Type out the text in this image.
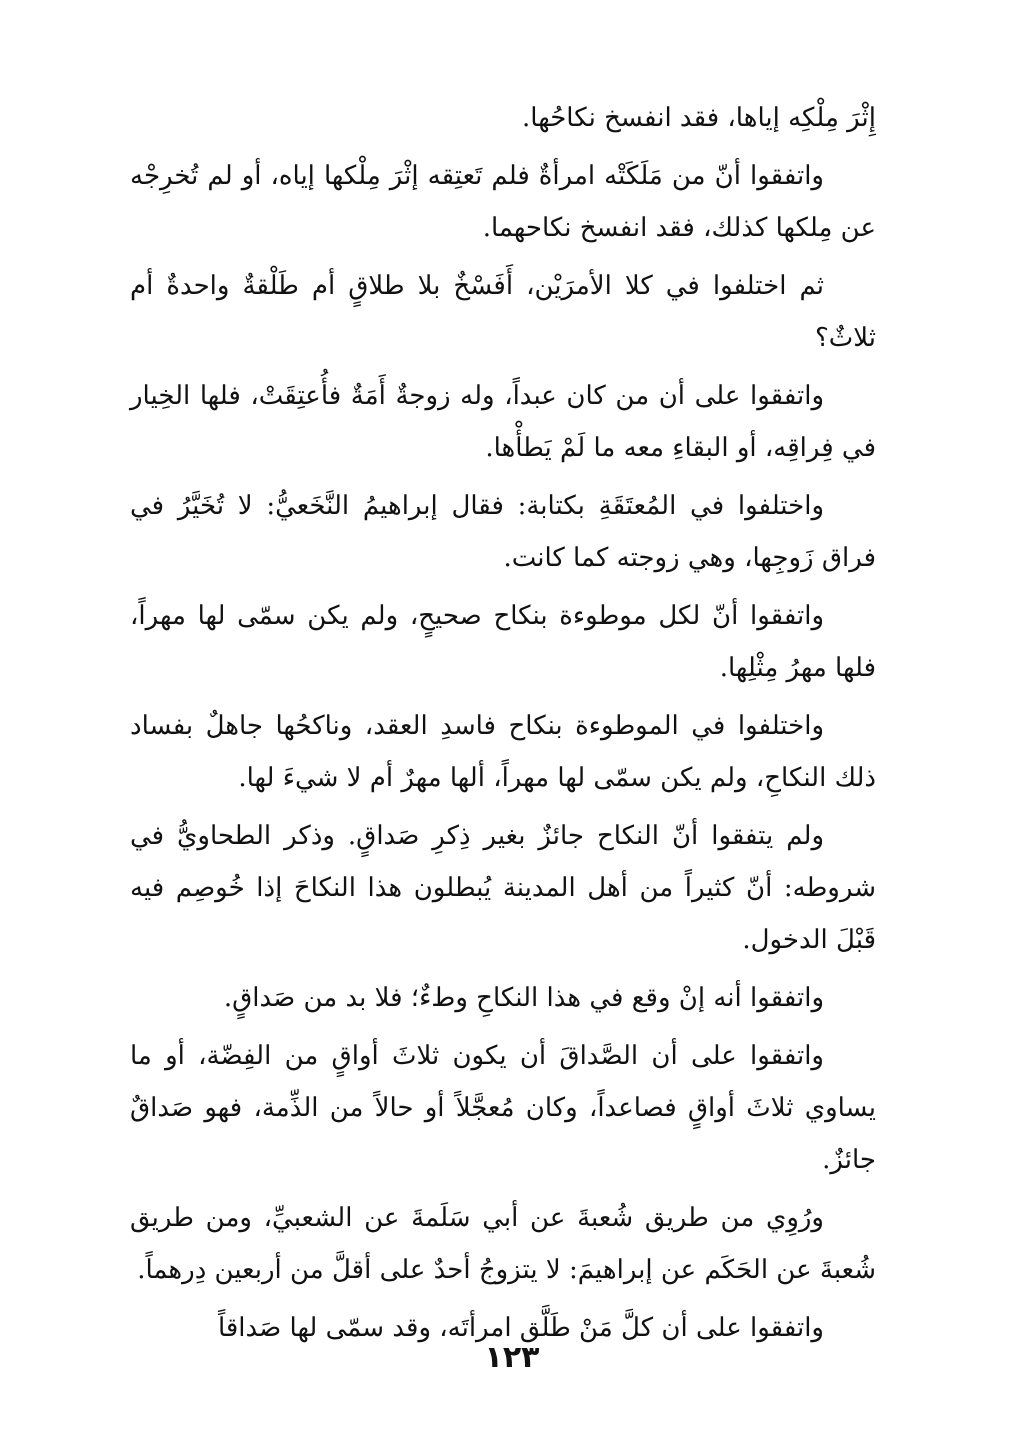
إِثْرَ مِلْكِه إياها، فقد انفسخ نكاحُها.

واتفقوا أنّ من مَلَكَتْه امرأةٌ فلم تَعتِقه إثْرَ مِلْكها إياه، أو لم تُخرِجْه عن مِلكها كذلك، فقد انفسخ نكاحهما.

ثم اختلفوا في كلا الأمرَيْن، أَفَسْخٌ بلا طلاقٍ أم طَلْقةٌ واحدةٌ أم ثلاثٌ؟

واتفقوا على أن من كان عبداً، وله زوجةٌ أَمَةٌ فأُعتِقَتْ، فلها الخِيار في فِراقِه، أو البقاءِ معه ما لَمْ يَطأْها.

واختلفوا في المُعتَقَةِ بكتابة: فقال إبراهيمُ النَّخَعيُّ: لا تُخَيَّرُ في فراق زَوجِها، وهي زوجته كما كانت.

واتفقوا أنّ لكل موطوءة بنكاح صحيحٍ، ولم يكن سمّى لها مهراً، فلها مهرُ مِثْلِها.

واختلفوا في الموطوءة بنكاح فاسدِ العقد، وناكحُها جاهلٌ بفساد ذلك النكاحِ، ولم يكن سمّى لها مهراً، ألها مهرٌ أم لا شيءَ لها.

ولم يتفقوا أنّ النكاح جائزٌ بغير ذِكرِ صَداقٍ. وذكر الطحاويُّ في شروطه: أنّ كثيراً من أهل المدينة يُبطلون هذا النكاحَ إذا خُوصِم فيه قَبْلَ الدخول.

واتفقوا أنه إنْ وقع في هذا النكاحِ وطءٌ؛ فلا بد من صَداقٍ.

واتفقوا على أن الصَّداقَ أن يكون ثلاثَ أواقٍ من الفِضّة، أو ما يساوي ثلاثَ أواقٍ فصاعداً، وكان مُعجَّلاً أو حالاً من الذِّمة، فهو صَداقٌ جائزٌ.

ورُوِي من طريق شُعبةَ عن أبي سَلَمةَ عن الشعبيِّ، ومن طريق شُعبةَ عن الحَكَم عن إبراهيمَ: لا يتزوجُ أحدٌ على أقلَّ من أربعين دِرهماً.

واتفقوا على أن كلَّ مَنْ طَلَّق امرأتَه، وقد سمّى لها صَداقاً

١٢٣
